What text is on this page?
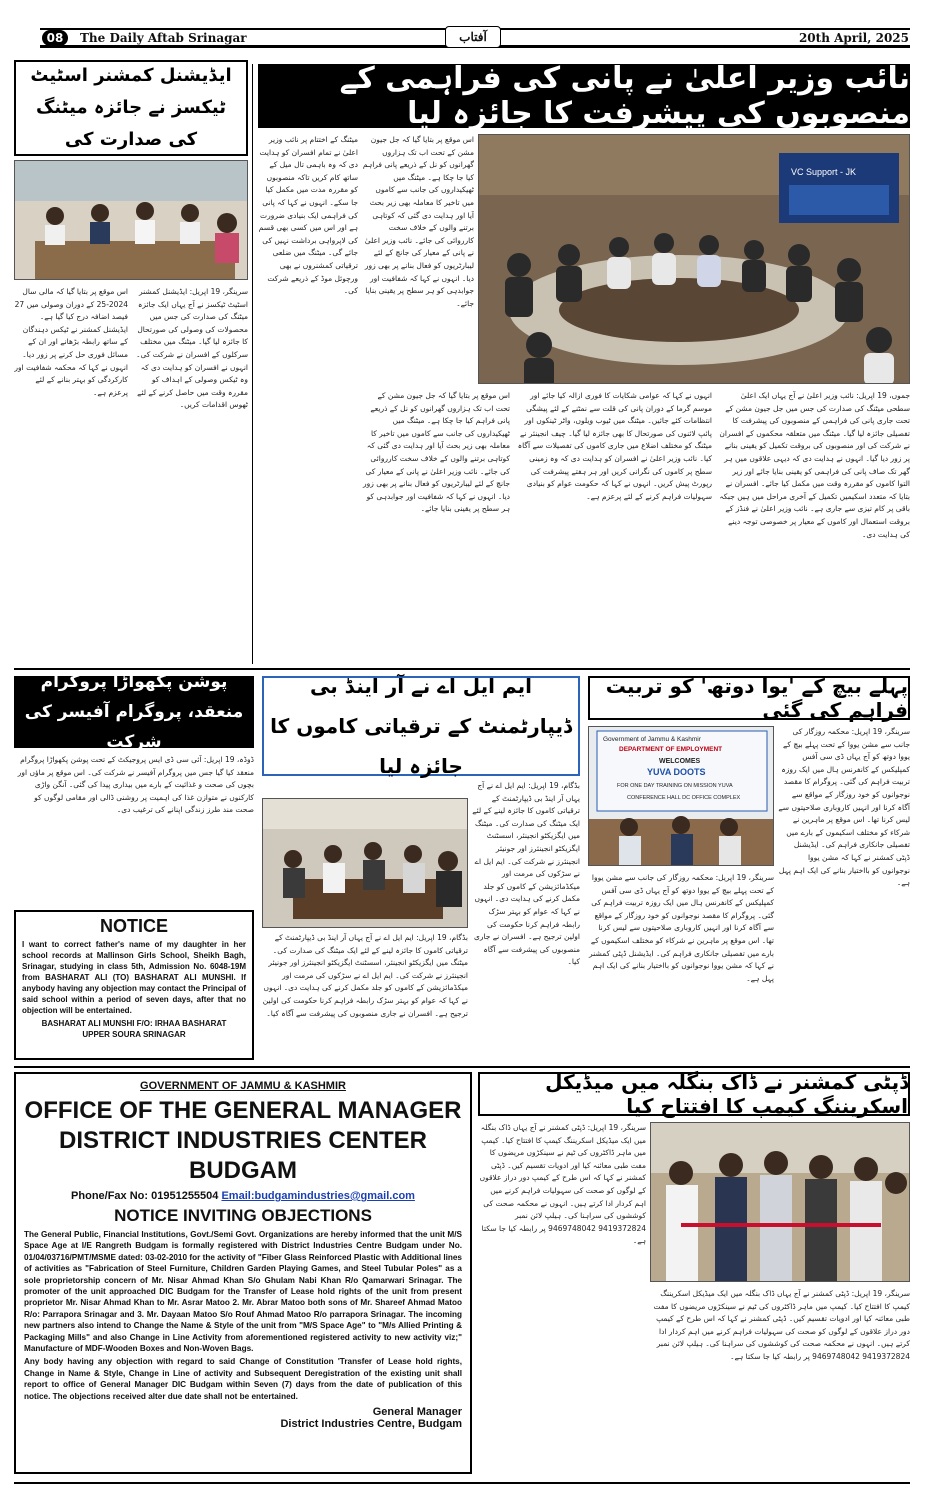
08	The Daily Aftab Srinagar	آفتاب	20th April, 2025
نائب وزیر اعلیٰ نے پانی کی فراہمی کے منصوبوں کی پیشرفت کا جائزہ لیا
VC Support - JK
اس موقع پر بتایا گیا کہ جل جیون مشن کے تحت اب تک ہزاروں گھرانوں کو نل کے ذریعے پانی فراہم کیا جا چکا ہے۔ میٹنگ میں ٹھیکیداروں کی جانب سے کاموں میں تاخیر کا معاملہ بھی زیر بحث آیا اور ہدایت دی گئی کہ کوتاہی برتنے والوں کے خلاف سخت کارروائی کی جائے۔ نائب وزیر اعلیٰ نے پانی کے معیار کی جانچ کے لئے لیبارٹریوں کو فعال بنانے پر بھی زور دیا۔ انہوں نے کہا کہ شفافیت اور جوابدہی کو ہر سطح پر یقینی بنایا جائے۔
میٹنگ کے اختتام پر نائب وزیر اعلیٰ نے تمام افسران کو ہدایت دی کہ وہ باہمی تال میل کے ساتھ کام کریں تاکہ منصوبوں کو مقررہ مدت میں مکمل کیا جا سکے۔ انہوں نے کہا کہ پانی کی فراہمی ایک بنیادی ضرورت ہے اور اس میں کسی بھی قسم کی لاپرواہی برداشت نہیں کی جائے گی۔ میٹنگ میں ضلعی ترقیاتی کمشنروں نے بھی ورچوئل موڈ کے ذریعے شرکت کی۔
جموں، 19 اپریل: نائب وزیر اعلیٰ نے آج یہاں ایک اعلیٰ سطحی میٹنگ کی صدارت کی جس میں جل جیون مشن کے تحت جاری پانی کی فراہمی کے منصوبوں کی پیشرفت کا تفصیلی جائزہ لیا گیا۔ میٹنگ میں متعلقہ محکموں کے افسران نے شرکت کی اور منصوبوں کی بروقت تکمیل کو یقینی بنانے پر زور دیا گیا۔ انہوں نے ہدایت دی کہ دیہی علاقوں میں ہر گھر تک صاف پانی کی فراہمی کو یقینی بنایا جائے اور زیر التوا کاموں کو مقررہ وقت میں مکمل کیا جائے۔ افسران نے بتایا کہ متعدد اسکیمیں تکمیل کے آخری مراحل میں ہیں جبکہ باقی پر کام تیزی سے جاری ہے۔ نائب وزیر اعلیٰ نے فنڈز کے بروقت استعمال اور کاموں کے معیار پر خصوصی توجہ دینے کی ہدایت دی۔
انہوں نے کہا کہ عوامی شکایات کا فوری ازالہ کیا جائے اور موسم گرما کے دوران پانی کی قلت سے نمٹنے کے لئے پیشگی انتظامات کئے جائیں۔ میٹنگ میں ٹیوب ویلوں، واٹر ٹینکوں اور پائپ لائنوں کی صورتحال کا بھی جائزہ لیا گیا۔ چیف انجینئر نے میٹنگ کو مختلف اضلاع میں جاری کاموں کی تفصیلات سے آگاہ کیا۔ نائب وزیر اعلیٰ نے افسران کو ہدایت دی کہ وہ زمینی سطح پر کاموں کی نگرانی کریں اور ہر ہفتے پیشرفت کی رپورٹ پیش کریں۔ انہوں نے کہا کہ حکومت عوام کو بنیادی سہولیات فراہم کرنے کے لئے پرعزم ہے۔
اس موقع پر بتایا گیا کہ جل جیون مشن کے تحت اب تک ہزاروں گھرانوں کو نل کے ذریعے پانی فراہم کیا جا چکا ہے۔ میٹنگ میں ٹھیکیداروں کی جانب سے کاموں میں تاخیر کا معاملہ بھی زیر بحث آیا اور ہدایت دی گئی کہ کوتاہی برتنے والوں کے خلاف سخت کارروائی کی جائے۔ نائب وزیر اعلیٰ نے پانی کے معیار کی جانچ کے لئے لیبارٹریوں کو فعال بنانے پر بھی زور دیا۔ انہوں نے کہا کہ شفافیت اور جوابدہی کو ہر سطح پر یقینی بنایا جائے۔
ایڈیشنل کمشنر اسٹیٹ ٹیکسز نے جائزہ میٹنگ کی صدارت کی
سرینگر، 19 اپریل: ایڈیشنل کمشنر اسٹیٹ ٹیکسز نے آج یہاں ایک جائزہ میٹنگ کی صدارت کی جس میں محصولات کی وصولی کی صورتحال کا جائزہ لیا گیا۔ میٹنگ میں مختلف سرکلوں کے افسران نے شرکت کی۔ انہوں نے افسران کو ہدایت دی کہ وہ ٹیکس وصولی کے اہداف کو مقررہ وقت میں حاصل کرنے کے لئے ٹھوس اقدامات کریں۔
اس موقع پر بتایا گیا کہ مالی سال 2024-25 کے دوران وصولی میں 27 فیصد اضافہ درج کیا گیا ہے۔ ایڈیشنل کمشنر نے ٹیکس دہندگان کے ساتھ رابطہ بڑھانے اور ان کے مسائل فوری حل کرنے پر زور دیا۔ انہوں نے کہا کہ محکمہ شفافیت اور کارکردگی کو بہتر بنانے کے لئے پرعزم ہے۔
پہلے بیچ کے 'یوا دوتھ' کو تربیت فراہم کی گئی
Government of Jammu & Kashmir
DEPARTMENT OF EMPLOYMENT
WELCOMES
YUVA DOOTS
FOR ONE DAY TRAINING ON MISSION YUVA
CONFERENCE HALL DC OFFICE COMPLEX
سرینگر، 19 اپریل: محکمہ روزگار کی جانب سے مشن یووا کے تحت پہلے بیچ کے یووا دوتھ کو آج یہاں ڈی سی آفس کمپلیکس کے کانفرنس ہال میں ایک روزہ تربیت فراہم کی گئی۔ پروگرام کا مقصد نوجوانوں کو خود روزگار کے مواقع سے آگاہ کرنا اور انہیں کاروباری صلاحیتوں سے لیس کرنا تھا۔ اس موقع پر ماہرین نے شرکاء کو مختلف اسکیموں کے بارے میں تفصیلی جانکاری فراہم کی۔ ایڈیشنل ڈپٹی کمشنر نے کہا کہ مشن یووا نوجوانوں کو بااختیار بنانے کی ایک اہم پہل ہے۔
سرینگر، 19 اپریل: محکمہ روزگار کی جانب سے مشن یووا کے تحت پہلے بیچ کے یووا دوتھ کو آج یہاں ڈی سی آفس کمپلیکس کے کانفرنس ہال میں ایک روزہ تربیت فراہم کی گئی۔ پروگرام کا مقصد نوجوانوں کو خود روزگار کے مواقع سے آگاہ کرنا اور انہیں کاروباری صلاحیتوں سے لیس کرنا تھا۔ اس موقع پر ماہرین نے شرکاء کو مختلف اسکیموں کے بارے میں تفصیلی جانکاری فراہم کی۔ ایڈیشنل ڈپٹی کمشنر نے کہا کہ مشن یووا نوجوانوں کو بااختیار بنانے کی ایک اہم پہل ہے۔
ایم ایل اے نے آر اینڈ بی ڈیپارٹمنٹ کے ترقیاتی کاموں کا جائزہ لیا
بڈگام، 19 اپریل: ایم ایل اے نے آج یہاں آر اینڈ بی ڈیپارٹمنٹ کے ترقیاتی کاموں کا جائزہ لینے کے لئے ایک میٹنگ کی صدارت کی۔ میٹنگ میں ایگزیکٹو انجینئر، اسسٹنٹ ایگزیکٹو انجینئرز اور جونیئر انجینئرز نے شرکت کی۔ ایم ایل اے نے سڑکوں کی مرمت اور میکڈمائزیشن کے کاموں کو جلد مکمل کرنے کی ہدایت دی۔ انہوں نے کہا کہ عوام کو بہتر سڑک رابطہ فراہم کرنا حکومت کی اولین ترجیح ہے۔ افسران نے جاری منصوبوں کی پیشرفت سے آگاہ کیا۔
بڈگام، 19 اپریل: ایم ایل اے نے آج یہاں آر اینڈ بی ڈیپارٹمنٹ کے ترقیاتی کاموں کا جائزہ لینے کے لئے ایک میٹنگ کی صدارت کی۔ میٹنگ میں ایگزیکٹو انجینئر، اسسٹنٹ ایگزیکٹو انجینئرز اور جونیئر انجینئرز نے شرکت کی۔ ایم ایل اے نے سڑکوں کی مرمت اور میکڈمائزیشن کے کاموں کو جلد مکمل کرنے کی ہدایت دی۔ انہوں نے کہا کہ عوام کو بہتر سڑک رابطہ فراہم کرنا حکومت کی اولین ترجیح ہے۔ افسران نے جاری منصوبوں کی پیشرفت سے آگاہ کیا۔
پوشن پکھواڑا پروگرام منعقد، پروگرام آفیسر کی شرکت
ڈوڈہ، 19 اپریل: آئی سی ڈی ایس پروجیکٹ کے تحت پوشن پکھواڑا پروگرام منعقد کیا گیا جس میں پروگرام آفیسر نے شرکت کی۔ اس موقع پر ماؤں اور بچوں کی صحت و غذائیت کے بارے میں بیداری پیدا کی گئی۔ آنگن واڑی کارکنوں نے متوازن غذا کی اہمیت پر روشنی ڈالی اور مقامی لوگوں کو صحت مند طرز زندگی اپنانے کی ترغیب دی۔
NOTICE
I want to correct father's name of my daughter in her school records at Mallinson Girls School, Sheikh Bagh, Srinagar, studying in class 5th, Admission No. 6048-19M from BASHARAT ALI (TO) BASHARAT ALI MUNSHI. If anybody having any objection may contact the Principal of said school within a period of seven days, after that no objection will be entertained.
BASHARAT ALI MUNSHI F/O: IRHAA BASHARAT
UPPER SOURA SRINAGAR
GOVERNMENT OF JAMMU & KASHMIR
OFFICE OF THE GENERAL MANAGER
DISTRICT INDUSTRIES CENTER BUDGAM
Phone/Fax No: 01951255504 Email:budgamindustries@gmail.com
NOTICE INVITING OBJECTIONS
The General Public, Financial Institutions, Govt./Semi Govt. Organizations are hereby informed that the unit M/S Space Age at I/E Rangreth Budgam is formally registered with District Industries Centre Budgam under No. 01/04/03716/PMT/MSME dated: 03-02-2010 for the activity of "Fiber Glass Reinforced Plastic with Additional lines of activities as "Fabrication of Steel Furniture, Children Garden Playing Games, and Steel Tubular Poles" as a sole proprietorship concern of Mr. Nisar Ahmad Khan S/o Ghulam Nabi Khan R/o Qamarwari Srinagar. The promoter of the unit approached DIC Budgam for the Transfer of Lease hold rights of the unit from present proprietor Mr. Nisar Ahmad Khan to Mr. Asrar Matoo 2. Mr. Abrar Matoo both sons of Mr. Shareef Ahmad Matoo R/o: Parrapora Srinagar and 3. Mr. Dayaan Matoo S/o Rouf Ahmad Matoo R/o parrapora Srinagar. The incoming new partners also intend to Change the Name & Style of the unit from "M/S Space Age" to "M/s Allied Printing & Packaging Mills" and also Change in Line Activity from aforementioned registered activity to new activity viz;" Manufacture of MDF-Wooden Boxes and Non-Woven Bags.
Any body having any objection with regard to said Change of Constitution 'Transfer of Lease hold rights, Change in Name & Style, Change in Line of activity and Subsequent Deregistration of the existing unit shall report to office of General Manager DIC Budgam within Seven (7) days from the date of publication of this notice. The objections received alter due date shall not be entertained.
General Manager
District Industries Centre, Budgam
ڈپٹی کمشنر نے ڈاک بنگلہ میں میڈیکل اسکریننگ کیمپ کا افتتاح کیا
سرینگر، 19 اپریل: ڈپٹی کمشنر نے آج یہاں ڈاک بنگلہ میں ایک میڈیکل اسکریننگ کیمپ کا افتتاح کیا۔ کیمپ میں ماہر ڈاکٹروں کی ٹیم نے سینکڑوں مریضوں کا مفت طبی معائنہ کیا اور ادویات تقسیم کیں۔ ڈپٹی کمشنر نے کہا کہ اس طرح کے کیمپ دور دراز علاقوں کے لوگوں کو صحت کی سہولیات فراہم کرنے میں اہم کردار ادا کرتے ہیں۔ انہوں نے محکمہ صحت کی کوششوں کی سراہنا کی۔ ہیلپ لائن نمبر 9419372824 9469748042 پر رابطہ کیا جا سکتا ہے۔
سرینگر، 19 اپریل: ڈپٹی کمشنر نے آج یہاں ڈاک بنگلہ میں ایک میڈیکل اسکریننگ کیمپ کا افتتاح کیا۔ کیمپ میں ماہر ڈاکٹروں کی ٹیم نے سینکڑوں مریضوں کا مفت طبی معائنہ کیا اور ادویات تقسیم کیں۔ ڈپٹی کمشنر نے کہا کہ اس طرح کے کیمپ دور دراز علاقوں کے لوگوں کو صحت کی سہولیات فراہم کرنے میں اہم کردار ادا کرتے ہیں۔ انہوں نے محکمہ صحت کی کوششوں کی سراہنا کی۔ ہیلپ لائن نمبر 9419372824 9469748042 پر رابطہ کیا جا سکتا ہے۔
